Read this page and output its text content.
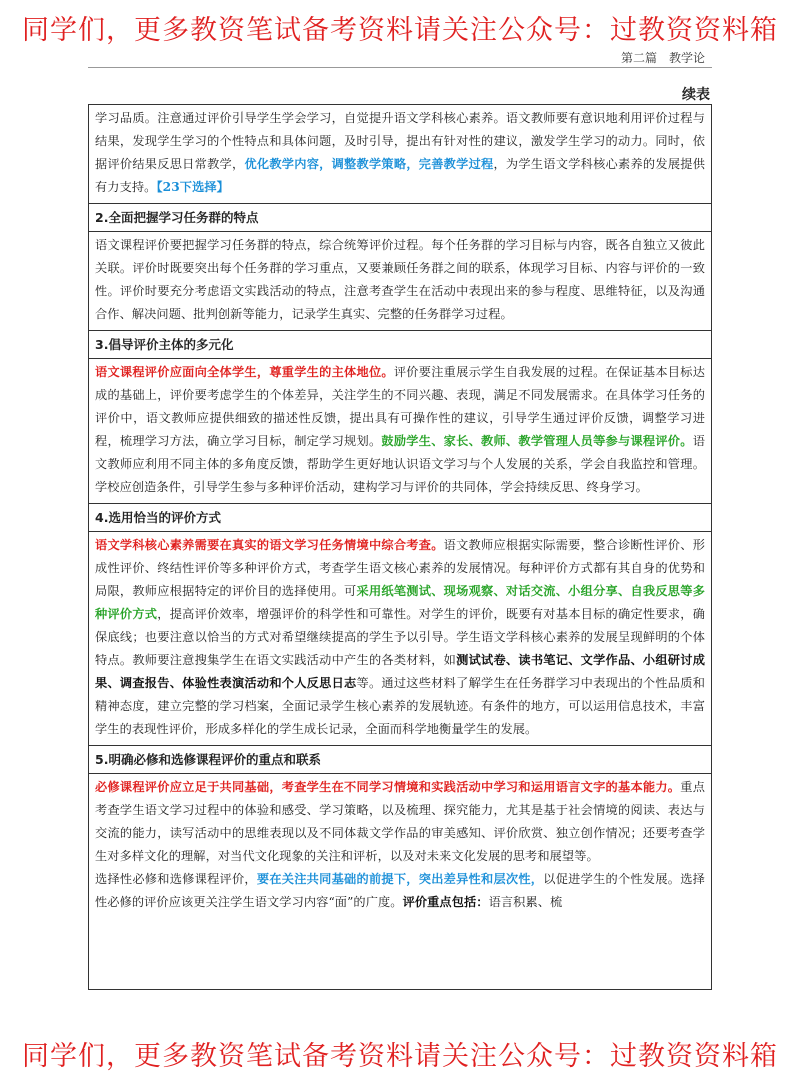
同学们，更多教资笔试备考资料请关注公众号：过教资资料箱
第二篇　教学论
续表

学习品质。注意通过评价引导学生学会学习，自觉提升语文学科核心素养。语文教师要有意识地利用评价过程与结果，发现学生学习的个性特点和具体问题，及时引导，提出有针对性的建议，激发学生学习的动力。同时，依据评价结果反思日常教学，优化教学内容，调整教学策略，完善教学过程，为学生语文学科核心素养的发展提供有力支持。【23下选择】

2.全面把握学习任务群的特点

语文课程评价要把握学习任务群的特点，综合统筹评价过程。每个任务群的学习目标与内容，既各自独立又彼此关联。评价时既要突出每个任务群的学习重点，又要兼顾任务群之间的联系，体现学习目标、内容与评价的一致性。评价时要充分考虑语文实践活动的特点，注意考查学生在活动中表现出来的参与程度、思维特征，以及沟通合作、解决问题、批判创新等能力，记录学生真实、完整的任务群学习过程。

3.倡导评价主体的多元化

语文课程评价应面向全体学生，尊重学生的主体地位。评价要注重展示学生自我发展的过程。在保证基本目标达成的基础上，评价要考虑学生的个体差异，关注学生的不同兴趣、表现，满足不同发展需求。在具体学习任务的评价中，语文教师应提供细致的描述性反馈，提出具有可操作性的建议，引导学生通过评价反馈，调整学习进程，梳理学习方法，确立学习目标，制定学习规划。鼓励学生、家长、教师、教学管理人员等参与课程评价。语文教师应利用不同主体的多角度反馈，帮助学生更好地认识语文学习与个人发展的关系，学会自我监控和管理。学校应创造条件，引导学生参与多种评价活动，建构学习与评价的共同体，学会持续反思、终身学习。

4.选用恰当的评价方式

语文学科核心素养需要在真实的语文学习任务情境中综合考查。语文教师应根据实际需要，整合诊断性评价、形成性评价、终结性评价等多种评价方式，考查学生语文核心素养的发展情况。每种评价方式都有其自身的优势和局限，教师应根据特定的评价目的选择使用。可采用纸笔测试、现场观察、对话交流、小组分享、自我反思等多种评价方式，提高评价效率，增强评价的科学性和可靠性。对学生的评价，既要有对基本目标的确定性要求，确保底线；也要注意以恰当的方式对希望继续提高的学生予以引导。学生语文学科核心素养的发展呈现鲜明的个体特点。教师要注意搜集学生在语文实践活动中产生的各类材料，如测试试卷、读书笔记、文学作品、小组研讨成果、调查报告、体验性表演活动和个人反思日志等。通过这些材料了解学生在任务群学习中表现出的个性品质和精神态度，建立完整的学习档案，全面记录学生核心素养的发展轨迹。有条件的地方，可以运用信息技术，丰富学生的表现性评价，形成多样化的学生成长记录，全面而科学地衡量学生的发展。

5.明确必修和选修课程评价的重点和联系

必修课程评价应立足于共同基础，考查学生在不同学习情境和实践活动中学习和运用语言文字的基本能力。重点考查学生语文学习过程中的体验和感受、学习策略，以及梳理、探究能力，尤其是基于社会情境的阅读、表达与交流的能力，读写活动中的思维表现以及不同体裁文学作品的审美感知、评价欣赏、独立创作情况；还要考查学生对多样文化的理解，对当代文化现象的关注和评析，以及对未来文化发展的思考和展望等。

选择性必修和选修课程评价，要在关注共同基础的前提下，突出差异性和层次性，以促进学生的个性发展。选择性必修的评价应该更关注学生语文学习内容“面”的广度。评价重点包括：语言积累、梳

同学们，更多教资笔试备考资料请关注公众号：过教资资料箱
